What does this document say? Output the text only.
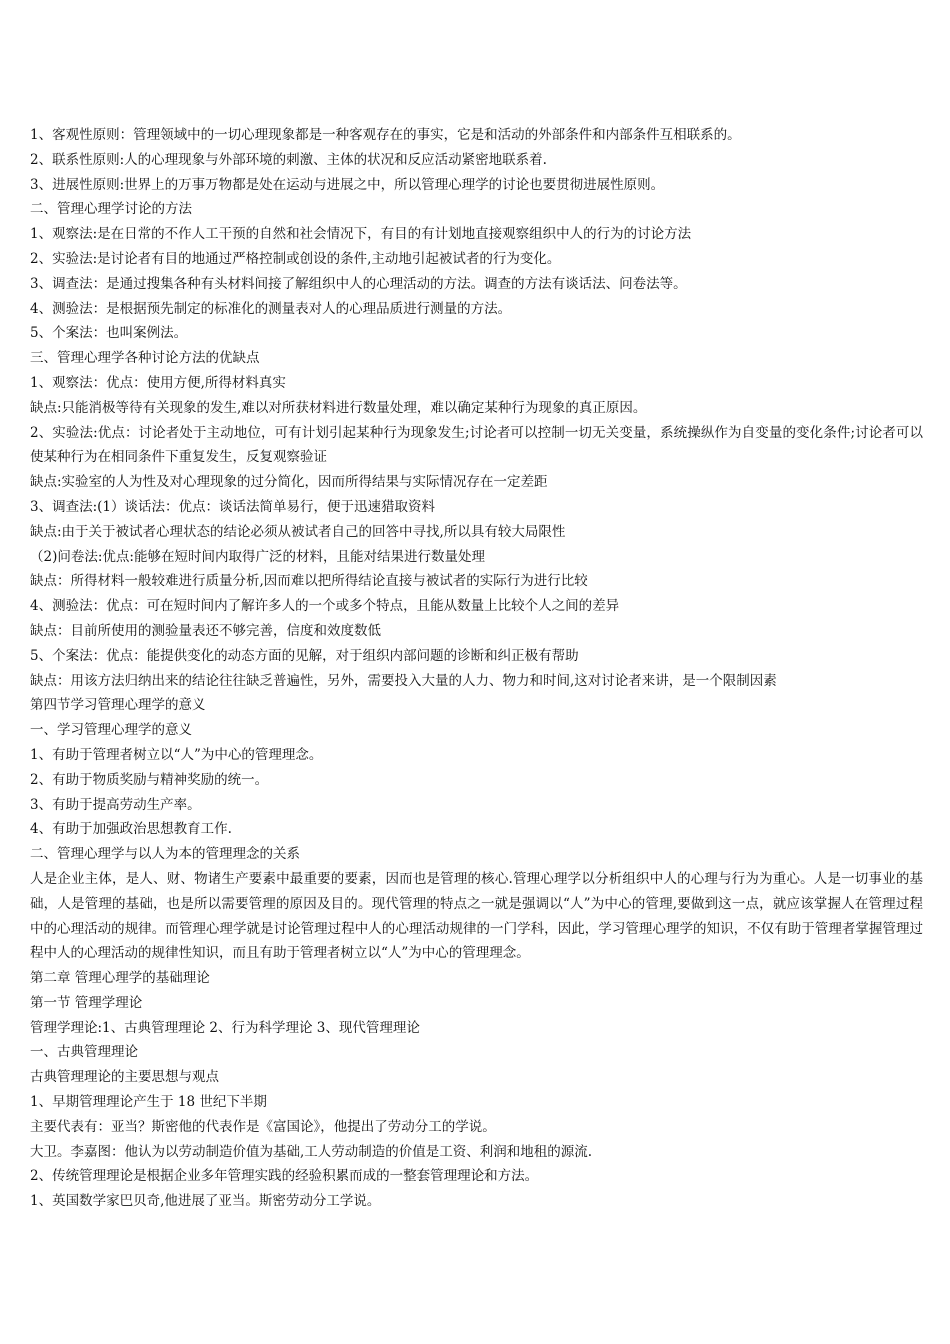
1、客观性原则：管理领域中的一切心理现象都是一种客观存在的事实，它是和活动的外部条件和内部条件互相联系的。

2、联系性原则:人的心理现象与外部环境的刺激、主体的状况和反应活动紧密地联系着.

3、进展性原则:世界上的万事万物都是处在运动与进展之中，所以管理心理学的讨论也要贯彻进展性原则。

二、管理心理学讨论的方法

1、观察法:是在日常的不作人工干预的自然和社会情况下，有目的有计划地直接观察组织中人的行为的讨论方法

2、实验法:是讨论者有目的地通过严格控制或创设的条件,主动地引起被试者的行为变化。

3、调查法：是通过搜集各种有头材料间接了解组织中人的心理活动的方法。调查的方法有谈话法、问卷法等。

4、测验法：是根据预先制定的标准化的测量表对人的心理品质进行测量的方法。

5、个案法：也叫案例法。

三、管理心理学各种讨论方法的优缺点

1、观察法：优点：使用方便,所得材料真实

缺点:只能消极等待有关现象的发生,难以对所获材料进行数量处理，难以确定某种行为现象的真正原因。

2、实验法:优点：讨论者处于主动地位，可有计划引起某种行为现象发生;讨论者可以控制一切无关变量，系统操纵作为自变量的变化条件;讨论者可以使某种行为在相同条件下重复发生，反复观察验证

缺点:实验室的人为性及对心理现象的过分简化，因而所得结果与实际情况存在一定差距

3、调查法:(1）谈话法：优点：谈话法简单易行，便于迅速猎取资料

缺点:由于关于被试者心理状态的结论必须从被试者自己的回答中寻找,所以具有较大局限性

（2)问卷法:优点:能够在短时间内取得广泛的材料，且能对结果进行数量处理

缺点：所得材料一般较难进行质量分析,因而难以把所得结论直接与被试者的实际行为进行比较

4、测验法：优点：可在短时间内了解许多人的一个或多个特点，且能从数量上比较个人之间的差异

缺点：目前所使用的测验量表还不够完善，信度和效度数低

5、个案法：优点：能提供变化的动态方面的见解，对于组织内部问题的诊断和纠正极有帮助

缺点：用该方法归纳出来的结论往往缺乏普遍性，另外，需要投入大量的人力、物力和时间,这对讨论者来讲，是一个限制因素

第四节学习管理心理学的意义

一、学习管理心理学的意义

1、有助于管理者树立以“人”为中心的管理理念。

2、有助于物质奖励与精神奖励的统一。

3、有助于提高劳动生产率。

4、有助于加强政治思想教育工作.

二、管理心理学与以人为本的管理理念的关系

人是企业主体，是人、财、物诸生产要素中最重要的要素，因而也是管理的核心.管理心理学以分析组织中人的心理与行为为重心。人是一切事业的基础，人是管理的基础，也是所以需要管理的原因及目的。现代管理的特点之一就是强调以“人”为中心的管理,要做到这一点，就应该掌握人在管理过程中的心理活动的规律。而管理心理学就是讨论管理过程中人的心理活动规律的一门学科，因此，学习管理心理学的知识，不仅有助于管理者掌握管理过程中人的心理活动的规律性知识，而且有助于管理者树立以“人”为中心的管理理念。

第二章 管理心理学的基础理论

第一节 管理学理论

管理学理论:1、古典管理理论 2、行为科学理论 3、现代管理理论

一、古典管理理论

古典管理理论的主要思想与观点

1、早期管理理论产生于 18 世纪下半期

主要代表有：亚当？斯密他的代表作是《富国论》，他提出了劳动分工的学说。

大卫。李嘉图：他认为以劳动制造价值为基础,工人劳动制造的价值是工资、利润和地租的源流.

2、传统管理理论是根据企业多年管理实践的经验积累而成的一整套管理理论和方法。

1、英国数学家巴贝奇,他进展了亚当。斯密劳动分工学说。
